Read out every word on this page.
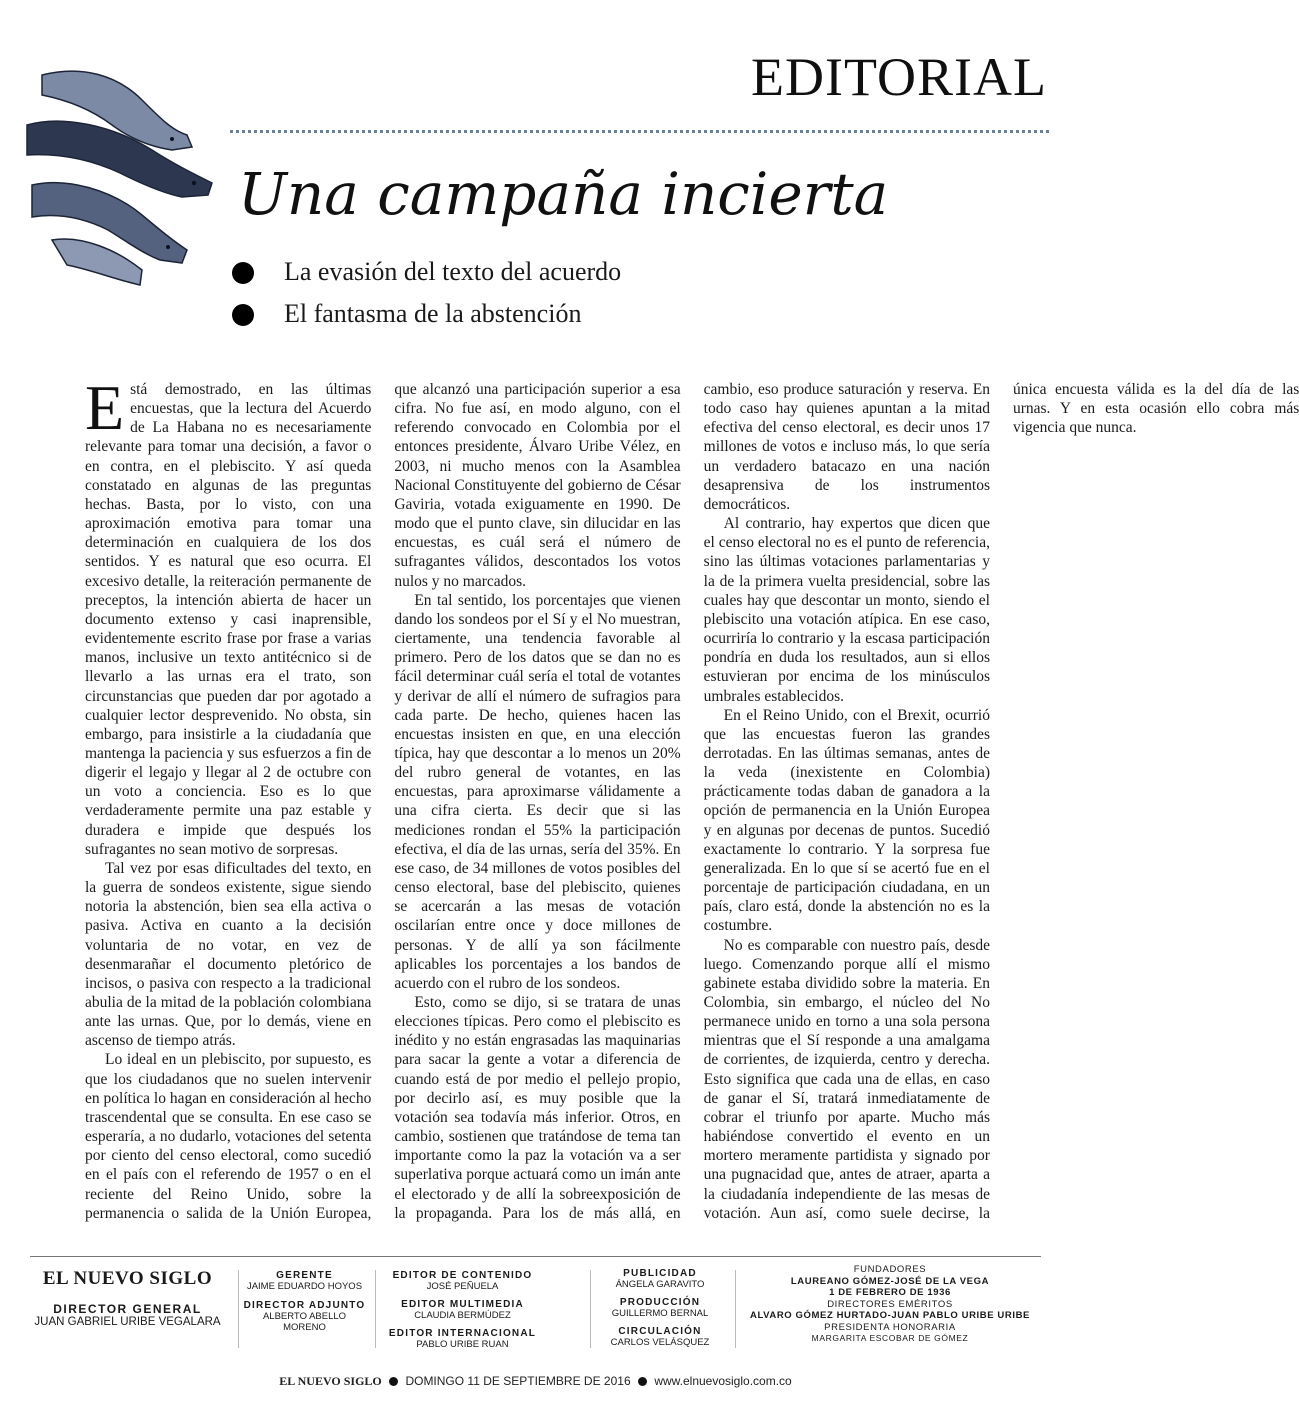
EDITORIAL
Una campaña incierta
La evasión del texto del acuerdo
El fantasma de la abstención

Está demostrado, en las últimas encuestas, que la lectura del Acuerdo de La Habana no es necesariamente relevante para tomar una decisión, a favor o en contra, en el plebiscito. Y así queda constatado en algunas de las preguntas hechas. Basta, por lo visto, con una aproximación emotiva para tomar una determinación en cualquiera de los dos sentidos. Y es natural que eso ocurra. El excesivo detalle, la reiteración permanente de preceptos, la intención abierta de hacer un documento extenso y casi inaprensible, evidentemente escrito frase por frase a varias manos, inclusive un texto antitécnico si de llevarlo a las urnas era el trato, son circunstancias que pueden dar por agotado a cualquier lector desprevenido. No obsta, sin embargo, para insistirle a la ciudadanía que mantenga la paciencia y sus esfuerzos a fin de digerir el legajo y llegar al 2 de octubre con un voto a conciencia. Eso es lo que verdaderamente permite una paz estable y duradera e impide que después los sufragantes no sean motivo de sorpresas.

Tal vez por esas dificultades del texto, en la guerra de sondeos existente, sigue siendo notoria la abstención, bien sea ella activa o pasiva. Activa en cuanto a la decisión voluntaria de no votar, en vez de desenmarañar el documento pletórico de incisos, o pasiva con respecto a la tradicional abulia de la mitad de la población colombiana ante las urnas. Que, por lo demás, viene en ascenso de tiempo atrás.

Lo ideal en un plebiscito, por supuesto, es que los ciudadanos que no suelen intervenir en política lo hagan en consideración al hecho trascendental que se consulta. En ese caso se esperaría, a no dudarlo, votaciones del setenta por ciento del censo electoral, como sucedió en el país con el referendo de 1957 o en el reciente del Reino Unido, sobre la permanencia o salida de la Unión Europea, que alcanzó una participación superior a esa cifra. No fue así, en modo alguno, con el referendo convocado en Colombia por el entonces presidente, Álvaro Uribe Vélez, en 2003, ni mucho menos con la Asamblea Nacional Constituyente del gobierno de César Gaviria, votada exiguamente en 1990. De modo que el punto clave, sin dilucidar en las encuestas, es cuál será el número de sufragantes válidos, descontados los votos nulos y no marcados.

En tal sentido, los porcentajes que vienen dando los sondeos por el Sí y el No muestran, ciertamente, una tendencia favorable al primero. Pero de los datos que se dan no es fácil determinar cuál sería el total de votantes y derivar de allí el número de sufragios para cada parte. De hecho, quienes hacen las encuestas insisten en que, en una elección típica, hay que descontar a lo menos un 20% del rubro general de votantes, en las encuestas, para aproximarse válidamente a una cifra cierta. Es decir que si las mediciones rondan el 55% la participación efectiva, el día de las urnas, sería del 35%. En ese caso, de 34 millones de votos posibles del censo electoral, base del plebiscito, quienes se acercarán a las mesas de votación oscilarían entre once y doce millones de personas. Y de allí ya son fácilmente aplicables los porcentajes a los bandos de acuerdo con el rubro de los sondeos.

Esto, como se dijo, si se tratara de unas elecciones típicas. Pero como el plebiscito es inédito y no están engrasadas las maquinarias para sacar la gente a votar a diferencia de cuando está de por medio el pellejo propio, por decirlo así, es muy posible que la votación sea todavía más inferior. Otros, en cambio, sostienen que tratándose de tema tan importante como la paz la votación va a ser superlativa porque actuará como un imán ante el electorado y de allí la sobreexposición de la propaganda. Para los de más allá, en cambio, eso produce saturación y reserva. En todo caso hay quienes apuntan a la mitad efectiva del censo electoral, es decir unos 17 millones de votos e incluso más, lo que sería un verdadero batacazo en una nación desaprensiva de los instrumentos democráticos.

Al contrario, hay expertos que dicen que el censo electoral no es el punto de referencia, sino las últimas votaciones parlamentarias y la de la primera vuelta presidencial, sobre las cuales hay que descontar un monto, siendo el plebiscito una votación atípica. En ese caso, ocurriría lo contrario y la escasa participación pondría en duda los resultados, aun si ellos estuvieran por encima de los minúsculos umbrales establecidos.

En el Reino Unido, con el Brexit, ocurrió que las encuestas fueron las grandes derrotadas. En las últimas semanas, antes de la veda (inexistente en Colombia) prácticamente todas daban de ganadora a la opción de permanencia en la Unión Europea y en algunas por decenas de puntos. Sucedió exactamente lo contrario. Y la sorpresa fue generalizada. En lo que sí se acertó fue en el porcentaje de participación ciudadana, en un país, claro está, donde la abstención no es la costumbre.

No es comparable con nuestro país, desde luego. Comenzando porque allí el mismo gabinete estaba dividido sobre la materia. En Colombia, sin embargo, el núcleo del No permanece unido en torno a una sola persona mientras que el Sí responde a una amalgama de corrientes, de izquierda, centro y derecha. Esto significa que cada una de ellas, en caso de ganar el Sí, tratará inmediatamente de cobrar el triunfo por aparte. Mucho más habiéndose convertido el evento en un mortero meramente partidista y signado por una pugnacidad que, antes de atraer, aparta a la ciudadanía independiente de las mesas de votación. Aun así, como suele decirse, la única encuesta válida es la del día de las urnas. Y en esta ocasión ello cobra más vigencia que nunca.

EL NUEVO SIGLO
DIRECTOR GENERAL
JUAN GABRIEL URIBE VEGALARA
GERENTE
JAIME EDUARDO HOYOS
DIRECTOR ADJUNTO
ALBERTO ABELLO MORENO
EDITOR DE CONTENIDO
JOSÉ PEÑUELA
EDITOR MULTIMEDIA
CLAUDIA BERMÚDEZ
EDITOR INTERNACIONAL
PABLO URIBE RUAN
PUBLICIDAD
ÁNGELA GARAVITO
PRODUCCIÓN
GUILLERMO BERNAL
CIRCULACIÓN
CARLOS VELÁSQUEZ
FUNDADORES
LAUREANO GÓMEZ-JOSÉ DE LA VEGA
1 DE FEBRERO DE 1936
DIRECTORES EMÉRITOS
ALVARO GÓMEZ HURTADO-JUAN PABLO URIBE URIBE
PRESIDENTA HONORARIA
MARGARITA ESCOBAR DE GÓMEZ
EL NUEVO SIGLO DOMINGO 11 DE SEPTIEMBRE DE 2016 www.elnuevosiglo.com.co
